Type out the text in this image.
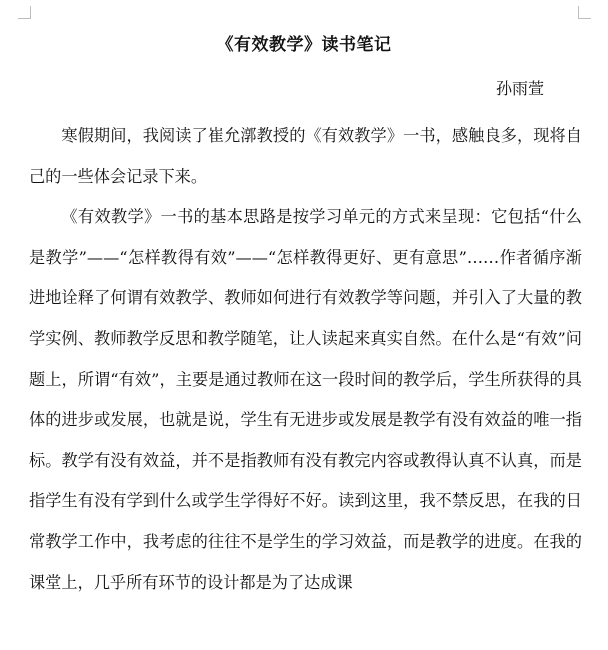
《有效教学》读书笔记
孙雨萱

寒假期间，我阅读了崔允漷教授的《有效教学》一书，感触良多，现将自己的一些体会记录下来。

《有效教学》一书的基本思路是按学习单元的方式来呈现：它包括“什么是教学”——“怎样教得有效”——“怎样教得更好、更有意思”……作者循序渐进地诠释了何谓有效教学、教师如何进行有效教学等问题，并引入了大量的教学实例、教师教学反思和教学随笔，让人读起来真实自然。在什么是“有效”问题上，所谓“有效”，主要是通过教师在这一段时间的教学后，学生所获得的具体的进步或发展，也就是说，学生有无进步或发展是教学有没有效益的唯一指标。教学有没有效益，并不是指教师有没有教完内容或教得认真不认真，而是指学生有没有学到什么或学生学得好不好。读到这里，我不禁反思，在我的日常教学工作中，我考虑的往往不是学生的学习效益，而是教学的进度。在我的课堂上，几乎所有环节的设计都是为了达成课
